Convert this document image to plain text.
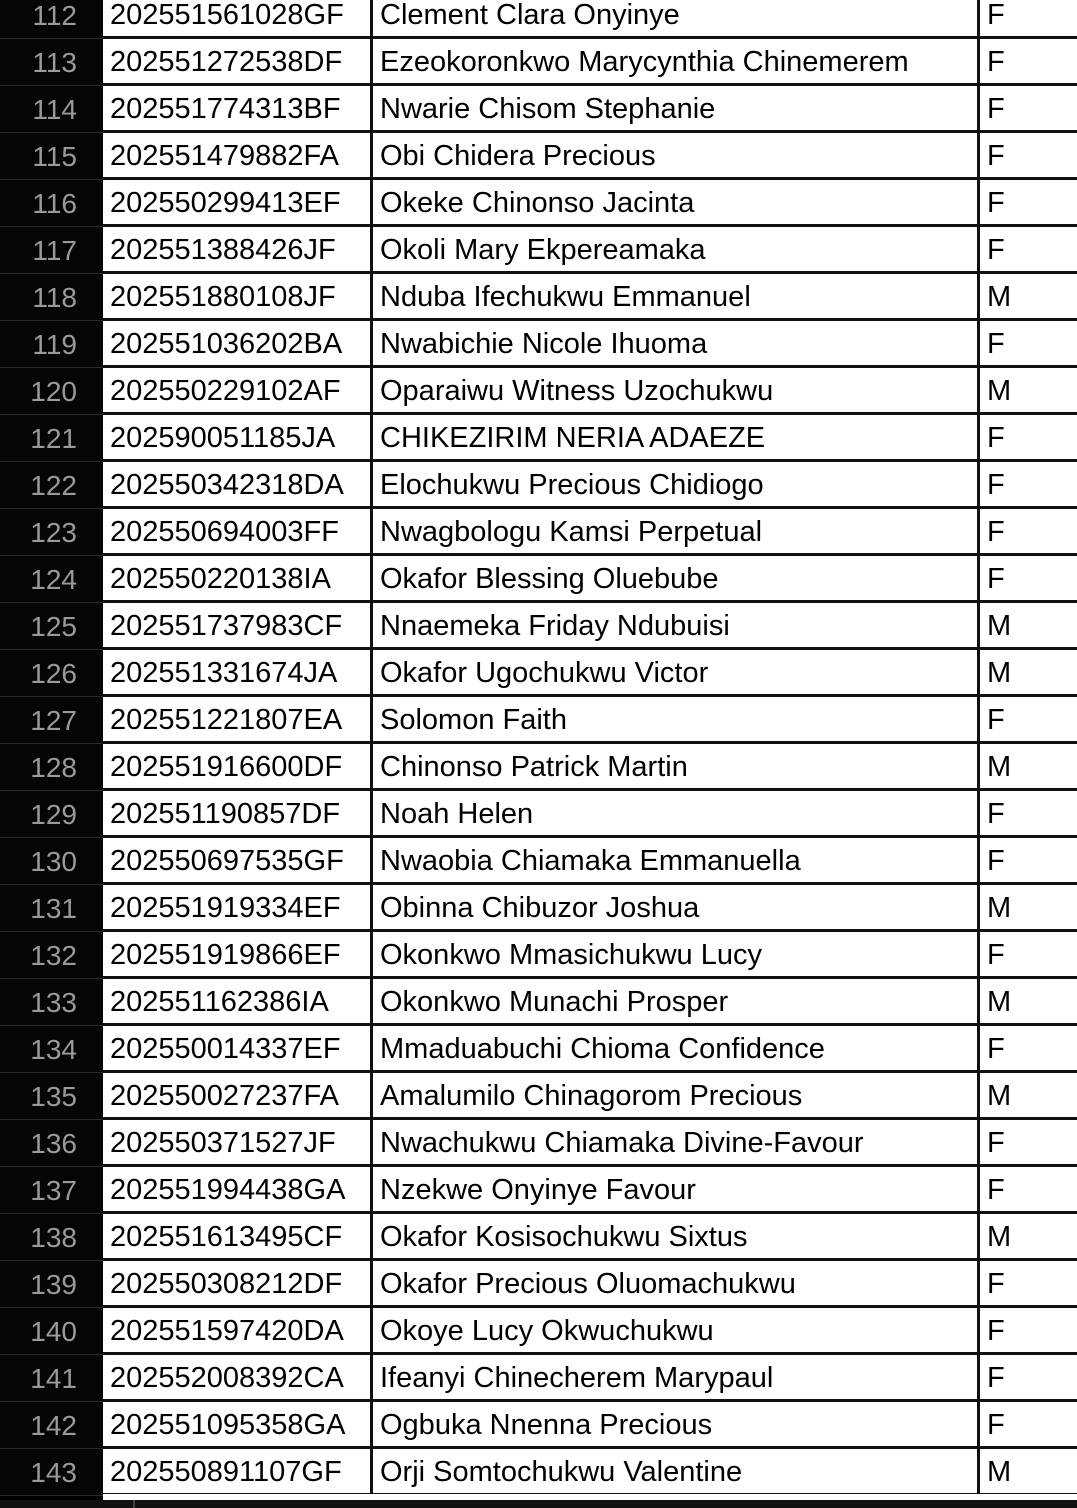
112	202551561028GF	Clement Clara Onyinye	F
113	202551272538DF	Ezeokoronkwo Marycynthia Chinemerem	F
114	202551774313BF	Nwarie Chisom Stephanie	F
115	202551479882FA	Obi Chidera Precious	F
116	202550299413EF	Okeke Chinonso Jacinta	F
117	202551388426JF	Okoli Mary Ekpereamaka	F
118	202551880108JF	Nduba Ifechukwu Emmanuel	M
119	202551036202BA	Nwabichie Nicole Ihuoma	F
120	202550229102AF	Oparaiwu Witness Uzochukwu	M
121	202590051185JA	CHIKEZIRIM NERIA ADAEZE	F
122	202550342318DA	Elochukwu Precious Chidiogo	F
123	202550694003FF	Nwagbologu Kamsi Perpetual	F
124	202550220138IA	Okafor Blessing Oluebube	F
125	202551737983CF	Nnaemeka Friday Ndubuisi	M
126	202551331674JA	Okafor Ugochukwu Victor	M
127	202551221807EA	Solomon Faith	F
128	202551916600DF	Chinonso Patrick Martin	M
129	202551190857DF	Noah Helen	F
130	202550697535GF	Nwaobia Chiamaka Emmanuella	F
131	202551919334EF	Obinna Chibuzor Joshua	M
132	202551919866EF	Okonkwo Mmasichukwu Lucy	F
133	202551162386IA	Okonkwo Munachi Prosper	M
134	202550014337EF	Mmaduabuchi Chioma Confidence	F
135	202550027237FA	Amalumilo Chinagorom Precious	M
136	202550371527JF	Nwachukwu Chiamaka Divine-Favour	F
137	202551994438GA	Nzekwe Onyinye Favour	F
138	202551613495CF	Okafor Kosisochukwu Sixtus	M
139	202550308212DF	Okafor Precious Oluomachukwu	F
140	202551597420DA	Okoye Lucy Okwuchukwu	F
141	202552008392CA	Ifeanyi Chinecherem Marypaul	F
142	202551095358GA	Ogbuka Nnenna Precious	F
143	202550891107GF	Orji Somtochukwu Valentine	M
